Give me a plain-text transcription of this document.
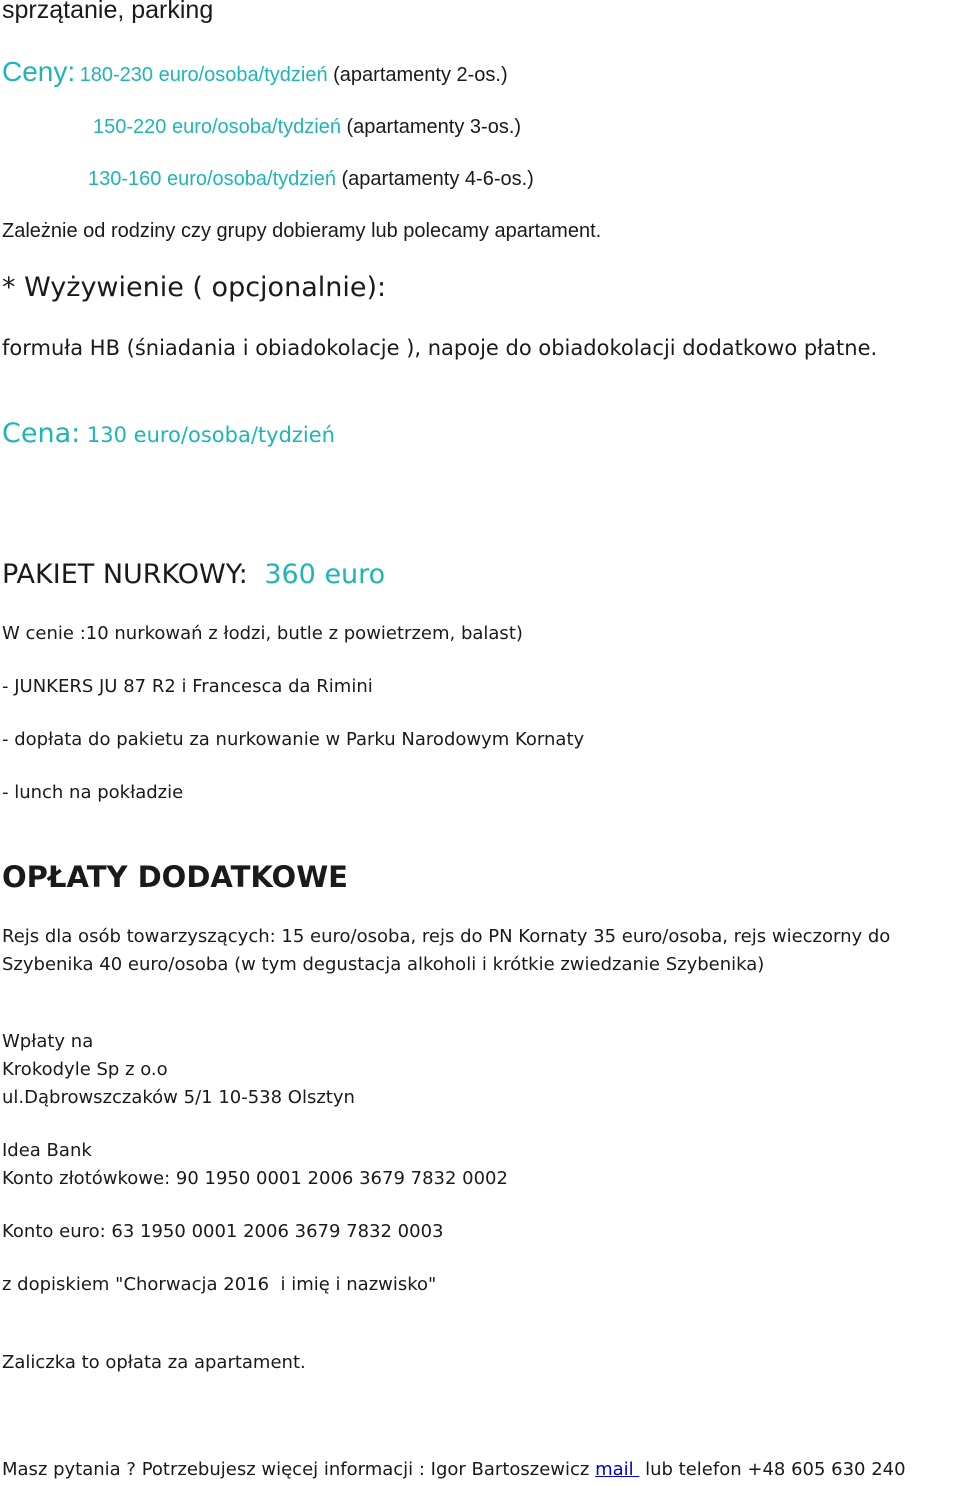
sprzątanie, parking

Ceny: 180-230 euro/osoba/tydzień (apartamenty 2-os.)

150-220 euro/osoba/tydzień (apartamenty 3-os.)

130-160 euro/osoba/tydzień (apartamenty 4-6-os.)

Zależnie od rodziny czy grupy dobieramy lub polecamy apartament.

* Wyżywienie ( opcjonalnie):

formuła HB (śniadania i obiadokolacje ), napoje do obiadokolacji dodatkowo płatne.

Cena: 130 euro/osoba/tydzień

PAKIET NURKOWY: 360 euro

W cenie :10 nurkowań z łodzi, butle z powietrzem, balast)

- JUNKERS JU 87 R2 i Francesca da Rimini

- dopłata do pakietu za nurkowanie w Parku Narodowym Kornaty

- lunch na pokładzie

OPŁATY DODATKOWE

Rejs dla osób towarzyszących: 15 euro/osoba, rejs do PN Kornaty 35 euro/osoba, rejs wieczorny do Szybenika 40 euro/osoba (w tym degustacja alkoholi i krótkie zwiedzanie Szybenika)

Wpłaty na

Krokodyle Sp z o.o

ul.Dąbrowszczaków 5/1 10-538 Olsztyn

Idea Bank

Konto złotówkowe: 90 1950 0001 2006 3679 7832 0002

Konto euro: 63 1950 0001 2006 3679 7832 0003

z dopiskiem "Chorwacja 2016  i imię i nazwisko"

Zaliczka to opłata za apartament.

Masz pytania ? Potrzebujesz więcej informacji : Igor Bartoszewicz mail  lub telefon +48 605 630 240
